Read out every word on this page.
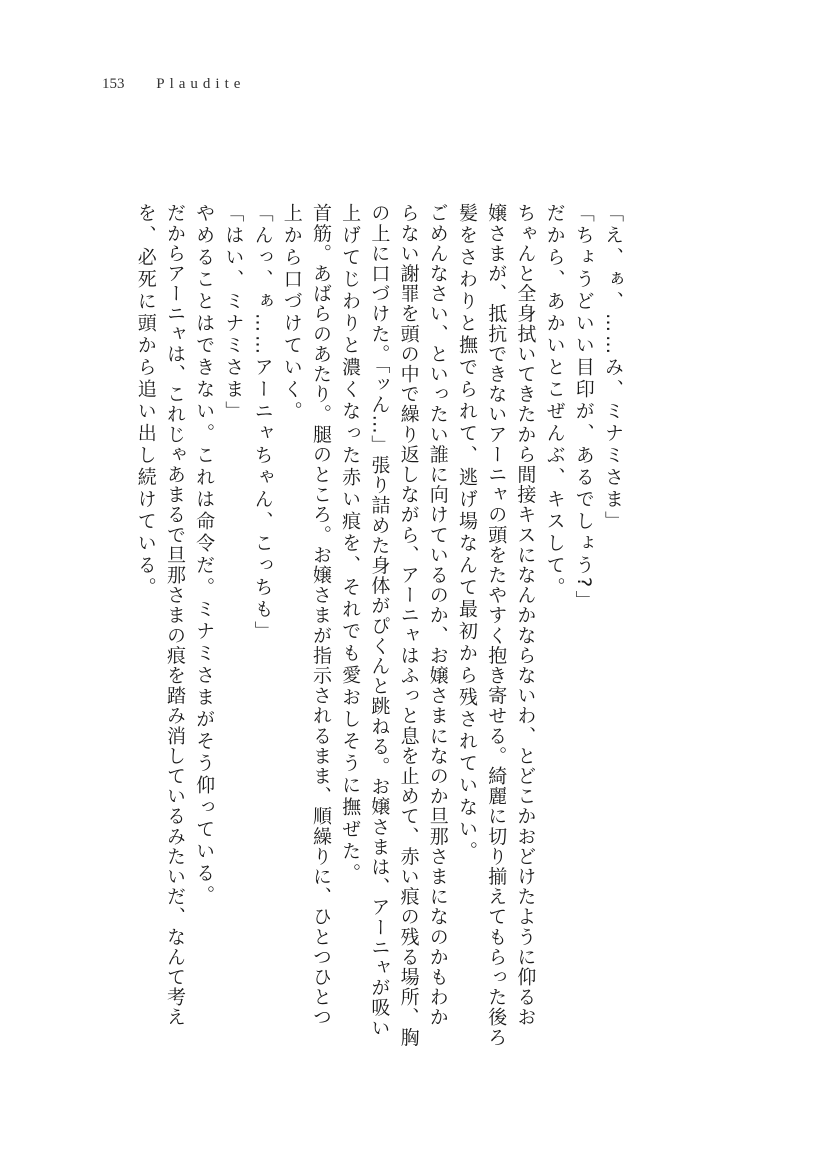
153 Plaudite

「え、ぁ、……み、ミナミさま」

「ちょうどいい目印が、あるでしょう?」

だから、あかいとこぜんぶ、キスして。

ちゃんと全身拭いてきたから間接キスになんかならないわ、とどこかおどけたように仰るお

嬢さまが、抵抗できないアーニャの頭をたやすく抱き寄せる。綺麗に切り揃えてもらった後ろ

髪をさわりと撫でられて、逃げ場なんて最初から残されていない。

ごめんなさい、といったい誰に向けているのか、お嬢さまになのか旦那さまになのかもわか

らない謝罪を頭の中で繰り返しながら、アーニャはふっと息を止めて、赤い痕の残る場所、胸

の上に口づけた。「ッん…」張り詰めた身体がぴくんと跳ねる。お嬢さまは、アーニャが吸い

上げてじわりと濃くなった赤い痕を、それでも愛おしそうに撫ぜた。

首筋。あばらのあたり。腿のところ。お嬢さまが指示されるまま、順繰りに、ひとつひとつ

上から口づけていく。

「んっ、ぁ……アーニャちゃん、こっちも」

「はい、ミナミさま」

やめることはできない。これは命令だ。ミナミさまがそう仰っている。

だからアーニャは、これじゃあまるで旦那さまの痕を踏み消しているみたいだ、なんて考え

を、必死に頭から追い出し続けている。
